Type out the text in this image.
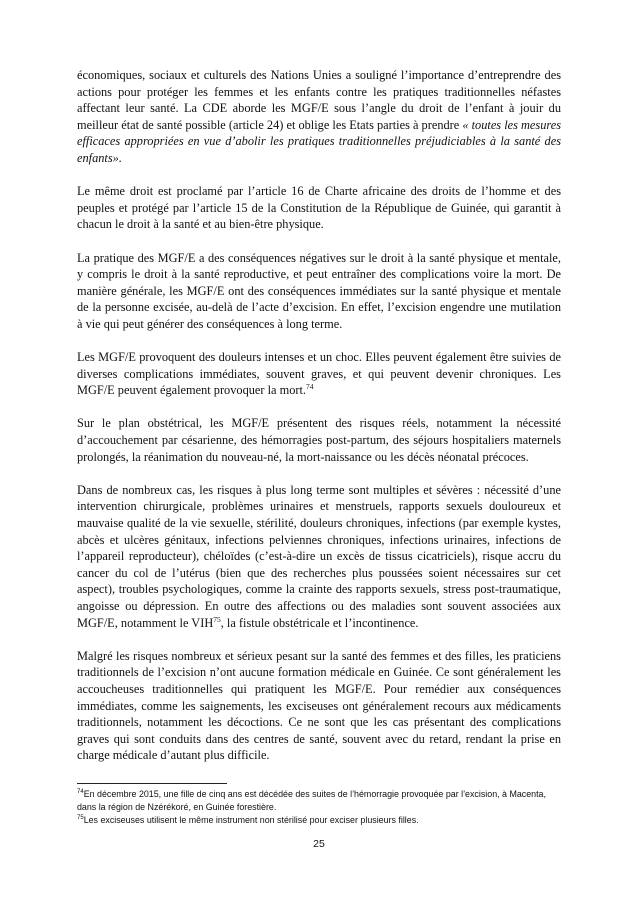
économiques, sociaux et culturels des Nations Unies a souligné l’importance d’entreprendre des actions pour protéger les femmes et les enfants contre les pratiques traditionnelles néfastes affectant leur santé. La CDE aborde les MGF/E sous l’angle du droit de l’enfant à jouir du meilleur état de santé possible (article 24) et oblige les Etats parties à prendre « toutes les mesures efficaces appropriées en vue d’abolir les pratiques traditionnelles préjudiciables à la santé des enfants».

Le même droit est proclamé par l’article 16 de Charte africaine des droits de l’homme et des peuples et protégé par l’article 15 de la Constitution de la République de Guinée, qui garantit à chacun le droit à la santé et au bien-être physique.

La pratique des MGF/E a des conséquences négatives sur le droit à la santé physique et mentale, y compris le droit à la santé reproductive, et peut entraîner des complications voire la mort. De manière générale, les MGF/E ont des conséquences immédiates sur la santé physique et mentale de la personne excisée, au-delà de l’acte d’excision. En effet, l’excision engendre une mutilation à vie qui peut générer des conséquences à long terme.

Les MGF/E provoquent des douleurs intenses et un choc. Elles peuvent également être suivies de diverses complications immédiates, souvent graves, et qui peuvent devenir chroniques. Les MGF/E peuvent également provoquer la mort.$^{74}$

Sur le plan obstétrical, les MGF/E présentent des risques réels, notamment la nécessité d’accouchement par césarienne, des hémorragies post-partum, des séjours hospitaliers maternels prolongés, la réanimation du nouveau-né, la mort-naissance ou les décès néonatal précoces.

Dans de nombreux cas, les risques à plus long terme sont multiples et sévères : nécessité d’une intervention chirurgicale, problèmes urinaires et menstruels, rapports sexuels douloureux et mauvaise qualité de la vie sexuelle, stérilité, douleurs chroniques, infections (par exemple kystes, abcès et ulcères génitaux, infections pelviennes chroniques, infections urinaires, infections de l’appareil reproducteur), chéloïdes (c’est-à-dire un excès de tissus cicatriciels), risque accru du cancer du col de l’utérus (bien que des recherches plus poussées soient nécessaires sur cet aspect), troubles psychologiques, comme la crainte des rapports sexuels, stress post-traumatique, angoisse ou dépression. En outre des affections ou des maladies sont souvent associées aux MGF/E, notamment le VIH$^{75}$, la fistule obstétricale et l’incontinence.

Malgré les risques nombreux et sérieux pesant sur la santé des femmes et des filles, les praticiens traditionnels de l’excision n’ont aucune formation médicale en Guinée. Ce sont généralement les accoucheuses traditionnelles qui pratiquent les MGF/E. Pour remédier aux conséquences immédiates, comme les saignements, les exciseuses ont généralement recours aux médicaments traditionnels, notamment les décoctions. Ce ne sont que les cas présentant des complications graves qui sont conduits dans des centres de santé, souvent avec du retard, rendant la prise en charge médicale d’autant plus difficile.

$^{74}$En décembre 2015, une fille de cinq ans est décédée des suites de l’hémorragie provoquée par l’excision, à Macenta, dans la région de Nzérékoré, en Guinée forestière.

$^{75}$Les exciseuses utilisent le même instrument non stérilisé pour exciser plusieurs filles.

25
